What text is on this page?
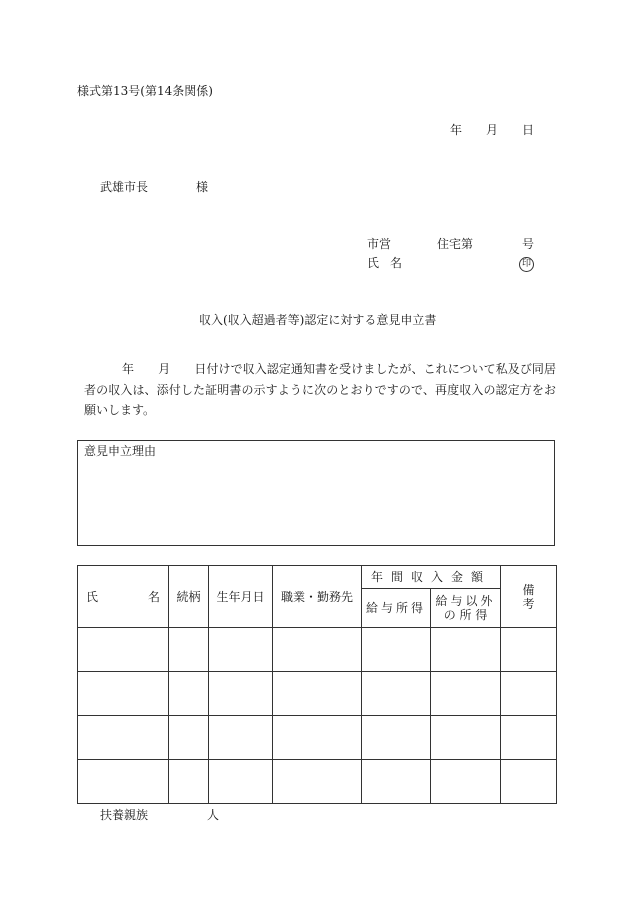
様式第13号(第14条関係)
年 月 日
武雄市長	様
市営	住宅第	号
氏 名	印
収入(収入超過者等)認定に対する意見申立書
年　　月　　日付けで収入認定通知書を受けましたが、これについて私及び同居者の収入は、添付した証明書の示すように次のとおりですので、再度収入の認定方をお願いします。
意見申立理由
氏名	続柄	生年月日	職業・勤務先	年間収入金額		備考
				給与所得	給与以外
の 所 得	

扶養親族	人
